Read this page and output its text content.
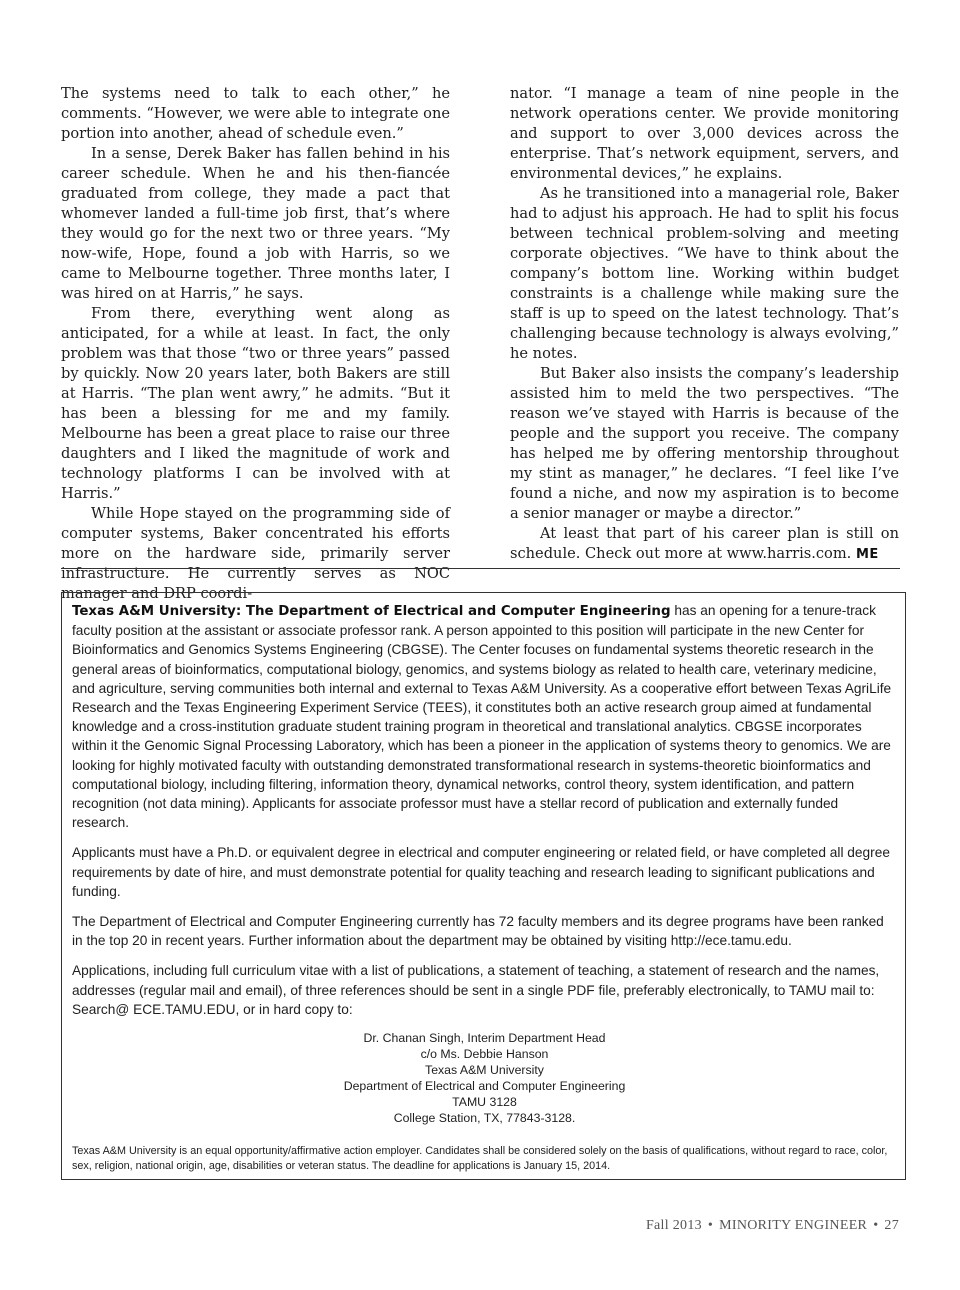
The systems need to talk to each other,” he comments. “However, we were able to integrate one portion into another, ahead of schedule even.”

In a sense, Derek Baker has fallen behind in his career schedule. When he and his then-fiancée graduated from college, they made a pact that whomever landed a full-time job first, that’s where they would go for the next two or three years. “My now-wife, Hope, found a job with Harris, so we came to Melbourne together. Three months later, I was hired on at Harris,” he says.

From there, everything went along as anticipated, for a while at least. In fact, the only problem was that those “two or three years” passed by quickly. Now 20 years later, both Bakers are still at Harris. “The plan went awry,” he admits. “But it has been a blessing for me and my family. Melbourne has been a great place to raise our three daughters and I liked the magnitude of work and technology platforms I can be involved with at Harris.”

While Hope stayed on the programming side of computer systems, Baker concentrated his efforts more on the hardware side, primarily server infrastructure. He currently serves as NOC manager and DRP coordi-

nator. “I manage a team of nine people in the network operations center. We provide monitoring and support to over 3,000 devices across the enterprise. That’s network equipment, servers, and environmental devices,” he explains.

As he transitioned into a managerial role, Baker had to adjust his approach. He had to split his focus between technical problem-solving and meeting corporate objectives. “We have to think about the company’s bottom line. Working within budget constraints is a challenge while making sure the staff is up to speed on the latest technology. That’s challenging because technology is always evolving,” he notes.

But Baker also insists the company’s leadership assisted him to meld the two perspectives. “The reason we’ve stayed with Harris is because of the people and the support you receive. The company has helped me by offering mentorship throughout my stint as manager,” he declares. “I feel like I’ve found a niche, and now my aspiration is to become a senior manager or maybe a director.”

At least that part of his career plan is still on schedule. Check out more at www.harris.com. ME

Texas A&M University: The Department of Electrical and Computer Engineering has an opening for a tenure-track faculty position at the assistant or associate professor rank. A person appointed to this position will participate in the new Center for Bioinformatics and Genomics Systems Engineering (CBGSE). The Center focuses on fundamental systems theoretic research in the general areas of bioinformatics, computational biology, genomics, and systems biology as related to health care, veterinary medicine, and agriculture, serving communities both internal and external to Texas A&M University. As a cooperative effort between Texas AgriLife Research and the Texas Engineering Experiment Service (TEES), it constitutes both an active research group aimed at fundamental knowledge and a cross-institution graduate student training program in theoretical and translational analytics. CBGSE incorporates within it the Genomic Signal Processing Laboratory, which has been a pioneer in the application of systems theory to genomics. We are looking for highly motivated faculty with outstanding demonstrated transformational research in systems-theoretic bioinformatics and computational biology, including filtering, information theory, dynamical networks, control theory, system identification, and pattern recognition (not data mining). Applicants for associate professor must have a stellar record of publication and externally funded research.

Applicants must have a Ph.D. or equivalent degree in electrical and computer engineering or related field, or have completed all degree requirements by date of hire, and must demonstrate potential for quality teaching and research leading to significant publications and funding.

The Department of Electrical and Computer Engineering currently has 72 faculty members and its degree programs have been ranked in the top 20 in recent years. Further information about the department may be obtained by visiting http://ece.tamu.edu.

Applications, including full curriculum vitae with a list of publications, a statement of teaching, a statement of research and the names, addresses (regular mail and email), of three references should be sent in a single PDF file, preferably electronically, to TAMU mail to: Search@ ECE.TAMU.EDU, or in hard copy to:

Dr. Chanan Singh, Interim Department Head
c/o Ms. Debbie Hanson
Texas A&M University
Department of Electrical and Computer Engineering
TAMU 3128
College Station, TX, 77843-3128.

Texas A&M University is an equal opportunity/affirmative action employer. Candidates shall be considered solely on the basis of qualifications, without regard to race, color, sex, religion, national origin, age, disabilities or veteran status. The deadline for applications is January 15, 2014.

Fall 2013 • MINORITY ENGINEER • 27
